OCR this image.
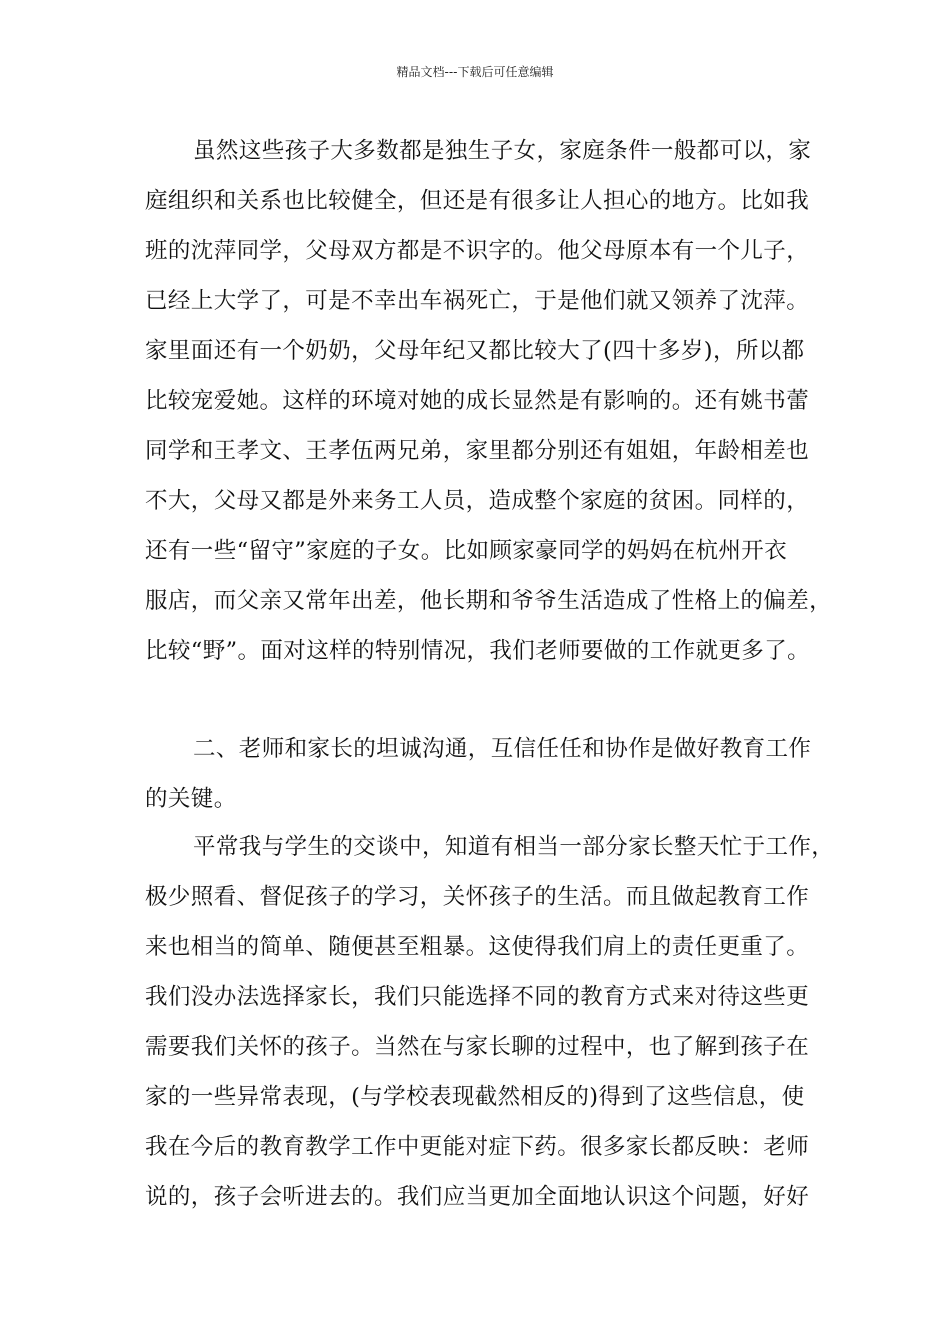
精品文档---下载后可任意编辑
虽然这些孩子大多数都是独生子女，家庭条件一般都可以，家
庭组织和关系也比较健全，但还是有很多让人担心的地方。比如我
班的沈萍同学，父母双方都是不识字的。他父母原本有一个儿子，
已经上大学了，可是不幸出车祸死亡，于是他们就又领养了沈萍。
家里面还有一个奶奶，父母年纪又都比较大了(四十多岁)，所以都
比较宠爱她。这样的环境对她的成长显然是有影响的。还有姚书蕾
同学和王孝文、王孝伍两兄弟，家里都分别还有姐姐，年龄相差也
不大，父母又都是外来务工人员，造成整个家庭的贫困。同样的，
还有一些“留守”家庭的子女。比如顾家豪同学的妈妈在杭州开衣
服店，而父亲又常年出差，他长期和爷爷生活造成了性格上的偏差，
比较“野”。面对这样的特别情况，我们老师要做的工作就更多了。
二、老师和家长的坦诚沟通，互信任任和协作是做好教育工作
的关键。
平常我与学生的交谈中，知道有相当一部分家长整天忙于工作，
极少照看、督促孩子的学习，关怀孩子的生活。而且做起教育工作
来也相当的简单、随便甚至粗暴。这使得我们肩上的责任更重了。
我们没办法选择家长，我们只能选择不同的教育方式来对待这些更
需要我们关怀的孩子。当然在与家长聊的过程中，也了解到孩子在
家的一些异常表现，(与学校表现截然相反的)得到了这些信息，使
我在今后的教育教学工作中更能对症下药。很多家长都反映：老师
说的，孩子会听进去的。我们应当更加全面地认识这个问题，好好
